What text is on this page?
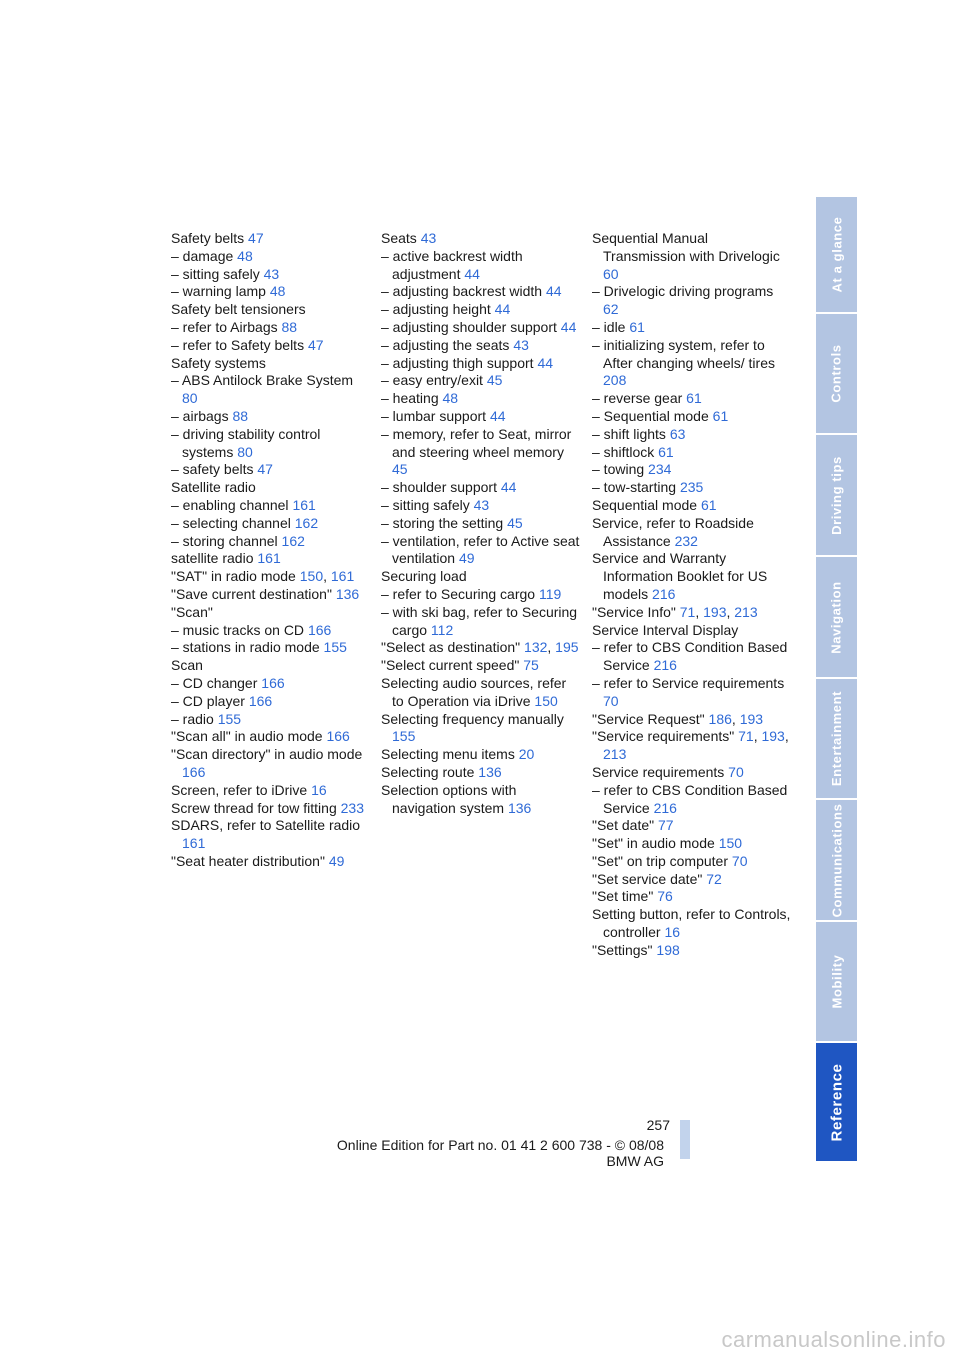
Safety belts 47
– damage 48
– sitting safely 43
– warning lamp 48
Safety belt tensioners
– refer to Airbags 88
– refer to Safety belts 47
Safety systems
– ABS Antilock Brake System 80
– airbags 88
– driving stability control systems 80
– safety belts 47
Satellite radio
– enabling channel 161
– selecting channel 162
– storing channel 162
satellite radio 161
"SAT" in radio mode 150, 161
"Save current destination" 136
"Scan"
– music tracks on CD 166
– stations in radio mode 155
Scan
– CD changer 166
– CD player 166
– radio 155
"Scan all" in audio mode 166
"Scan directory" in audio mode 166
Screen, refer to iDrive 16
Screw thread for tow fitting 233
SDARS, refer to Satellite radio 161
"Seat heater distribution" 49
Seats 43
– active backrest width adjustment 44
– adjusting backrest width 44
– adjusting height 44
– adjusting shoulder support 44
– adjusting the seats 43
– adjusting thigh support 44
– easy entry/exit 45
– heating 48
– lumbar support 44
– memory, refer to Seat, mirror and steering wheel memory 45
– shoulder support 44
– sitting safely 43
– storing the setting 45
– ventilation, refer to Active seat ventilation 49
Securing load
– refer to Securing cargo 119
– with ski bag, refer to Securing cargo 112
"Select as destination" 132, 195
"Select current speed" 75
Selecting audio sources, refer to Operation via iDrive 150
Selecting frequency manually 155
Selecting menu items 20
Selecting route 136
Selection options with navigation system 136
Sequential Manual Transmission with Drivelogic 60
– Drivelogic driving programs 62
– idle 61
– initializing system, refer to After changing wheels/ tires 208
– reverse gear 61
– Sequential mode 61
– shift lights 63
– shiftlock 61
– towing 234
– tow-starting 235
Sequential mode 61
Service, refer to Roadside Assistance 232
Service and Warranty Information Booklet for US models 216
"Service Info" 71, 193, 213
Service Interval Display
– refer to CBS Condition Based Service 216
– refer to Service requirements 70
"Service Request" 186, 193
"Service requirements" 71, 193, 213
Service requirements 70
– refer to CBS Condition Based Service 216
"Set date" 77
"Set" in audio mode 150
"Set" on trip computer 70
"Set service date" 72
"Set time" 76
Setting button, refer to Controls, controller 16
"Settings" 198
At a glance
Controls
Driving tips
Navigation
Entertainment
Communications
Mobility
Reference
257
Online Edition for Part no. 01 41 2 600 738 - © 08/08 BMW AG
carmanualsonline.info
